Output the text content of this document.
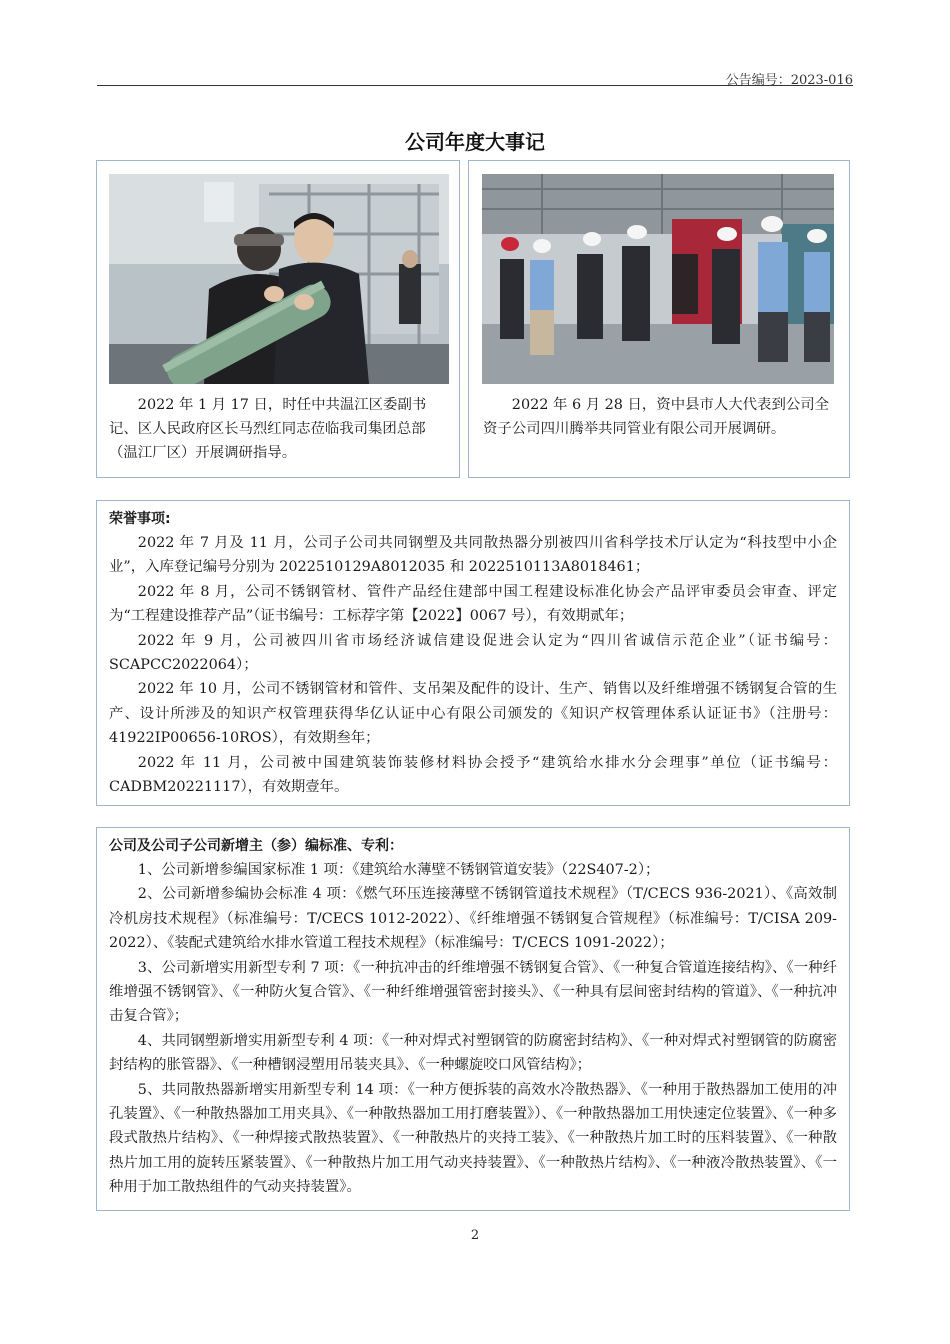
公告编号：2023-016
公司年度大事记
2022 年 1 月 17 日，时任中共温江区委副书记、区人民政府区长马烈红同志莅临我司集团总部（温江厂区）开展调研指导。
2022 年 6 月 28 日，资中县市人大代表到公司全资子公司四川腾举共同管业有限公司开展调研。
荣誉事项:

2022 年 7 月及 11 月，公司子公司共同钢塑及共同散热器分别被四川省科学技术厅认定为“科技型中小企业”，入库登记编号分别为 2022510129A8012035 和 2022510113A8018461；

2022 年 8 月，公司不锈钢管材、管件产品经住建部中国工程建设标准化协会产品评审委员会审查、评定为“工程建设推荐产品”（证书编号：工标荐字第【2022】0067 号），有效期贰年；

2022 年 9 月，公司被四川省市场经济诚信建设促进会认定为“四川省诚信示范企业”（证书编号：SCAPCC2022064）；

2022 年 10 月，公司不锈钢管材和管件、支吊架及配件的设计、生产、销售以及纤维增强不锈钢复合管的生产、设计所涉及的知识产权管理获得华亿认证中心有限公司颁发的《知识产权管理体系认证证书》（注册号：41922IP00656-10ROS），有效期叁年；

2022 年 11 月，公司被中国建筑装饰装修材料协会授予“建筑给水排水分会理事”单位（证书编号：CADBM20221117），有效期壹年。

公司及公司子公司新增主（参）编标准、专利：

1、公司新增参编国家标准 1 项：《建筑给水薄壁不锈钢管道安装》（22S407-2）；

2、公司新增参编协会标准 4 项：《燃气环压连接薄壁不锈钢管道技术规程》（T/CECS 936-2021）、《高效制冷机房技术规程》（标准编号：T/CECS 1012-2022）、《纤维增强不锈钢复合管规程》（标准编号：T/CISA 209-2022）、《装配式建筑给水排水管道工程技术规程》（标准编号：T/CECS 1091-2022）；

3、公司新增实用新型专利 7 项：《一种抗冲击的纤维增强不锈钢复合管》、《一种复合管道连接结构》、《一种纤维增强不锈钢管》、《一种防火复合管》、《一种纤维增强管密封接头》、《一种具有层间密封结构的管道》、《一种抗冲击复合管》；

4、共同钢塑新增实用新型专利 4 项：《一种对焊式衬塑钢管的防腐密封结构》、《一种对焊式衬塑钢管的防腐密封结构的胀管器》、《一种槽钢浸塑用吊装夹具》、《一种螺旋咬口风管结构》；

5、共同散热器新增实用新型专利 14 项：《一种方便拆装的高效水冷散热器》、《一种用于散热器加工使用的冲孔装置》、《一种散热器加工用夹具》、《一种散热器加工用打磨装置》）、《一种散热器加工用快速定位装置》、《一种多段式散热片结构》、《一种焊接式散热装置》、《一种散热片的夹持工装》、《一种散热片加工时的压料装置》、《一种散热片加工用的旋转压紧装置》、《一种散热片加工用气动夹持装置》、《一种散热片结构》、《一种液冷散热装置》、《一种用于加工散热组件的气动夹持装置》。

2
